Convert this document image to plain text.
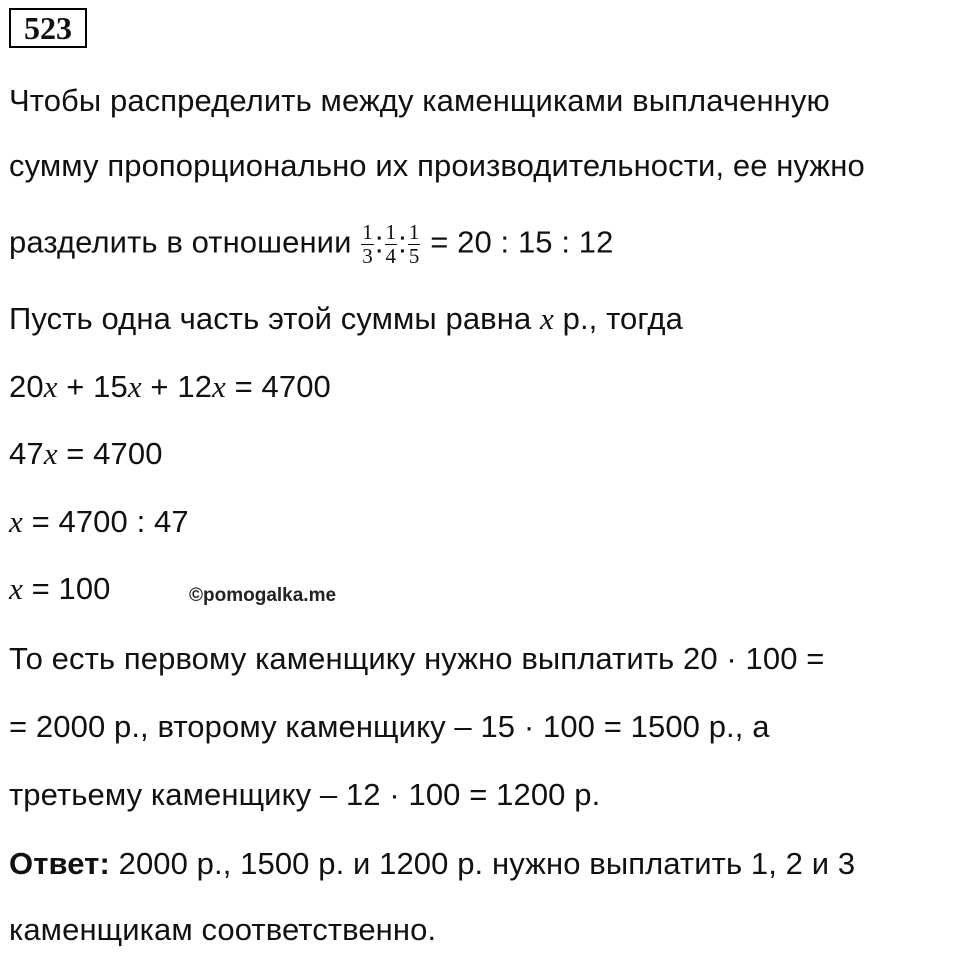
523
Чтобы распределить между каменщиками выплаченную
сумму пропорционально их производительности, ее нужно
разделить в отношении $\frac{1}{3}$ : $\frac{1}{4}$ : $\frac{1}{5} = 20$ : 15 : 12
Пусть одна часть этой суммы равна x р., тогда
20x + 15x + 12x = 4700
47x = 4700
x = 4700 : 47
x = 100	©pomogalka.me
То есть первому каменщику нужно выплатить 20 · 100 =
= 2000 р., второму каменщику – 15 · 100 = 1500 р., а
третьему каменщику – 12 · 100 = 1200 р.
Ответ: 2000 р., 1500 р. и 1200 р. нужно выплатить 1, 2 и 3
каменщикам соответственно.
